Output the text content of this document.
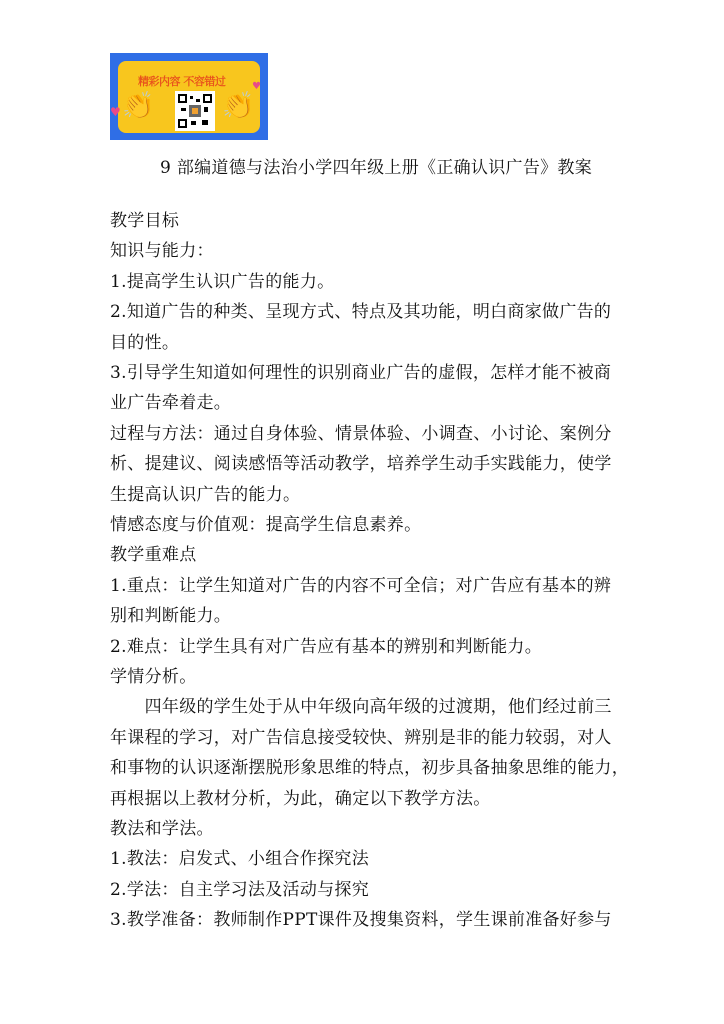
精彩内容 不容错过
👏	👏
♥
♥
9 部编道德与法治小学四年级上册《正确认识广告》教案
教学目标
知识与能力：
1.提高学生认识广告的能力。
2.知道广告的种类、呈现方式、特点及其功能，明白商家做广告的
目的性。
3.引导学生知道如何理性的识别商业广告的虚假，怎样才能不被商
业广告牵着走。
过程与方法：通过自身体验、情景体验、小调查、小讨论、案例分
析、提建议、阅读感悟等活动教学，培养学生动手实践能力，使学
生提高认识广告的能力。
情感态度与价值观：提高学生信息素养。
教学重难点
1.重点：让学生知道对广告的内容不可全信；对广告应有基本的辨
别和判断能力。
2.难点：让学生具有对广告应有基本的辨别和判断能力。
学情分析。
　　四年级的学生处于从中年级向高年级的过渡期，他们经过前三
年课程的学习，对广告信息接受较快、辨别是非的能力较弱，对人
和事物的认识逐渐摆脱形象思维的特点，初步具备抽象思维的能力，
再根据以上教材分析，为此，确定以下教学方法。
教法和学法。
1.教法：启发式、小组合作探究法
2.学法：自主学习法及活动与探究
3.教学准备：教师制作PPT课件及搜集资料，学生课前准备好参与
